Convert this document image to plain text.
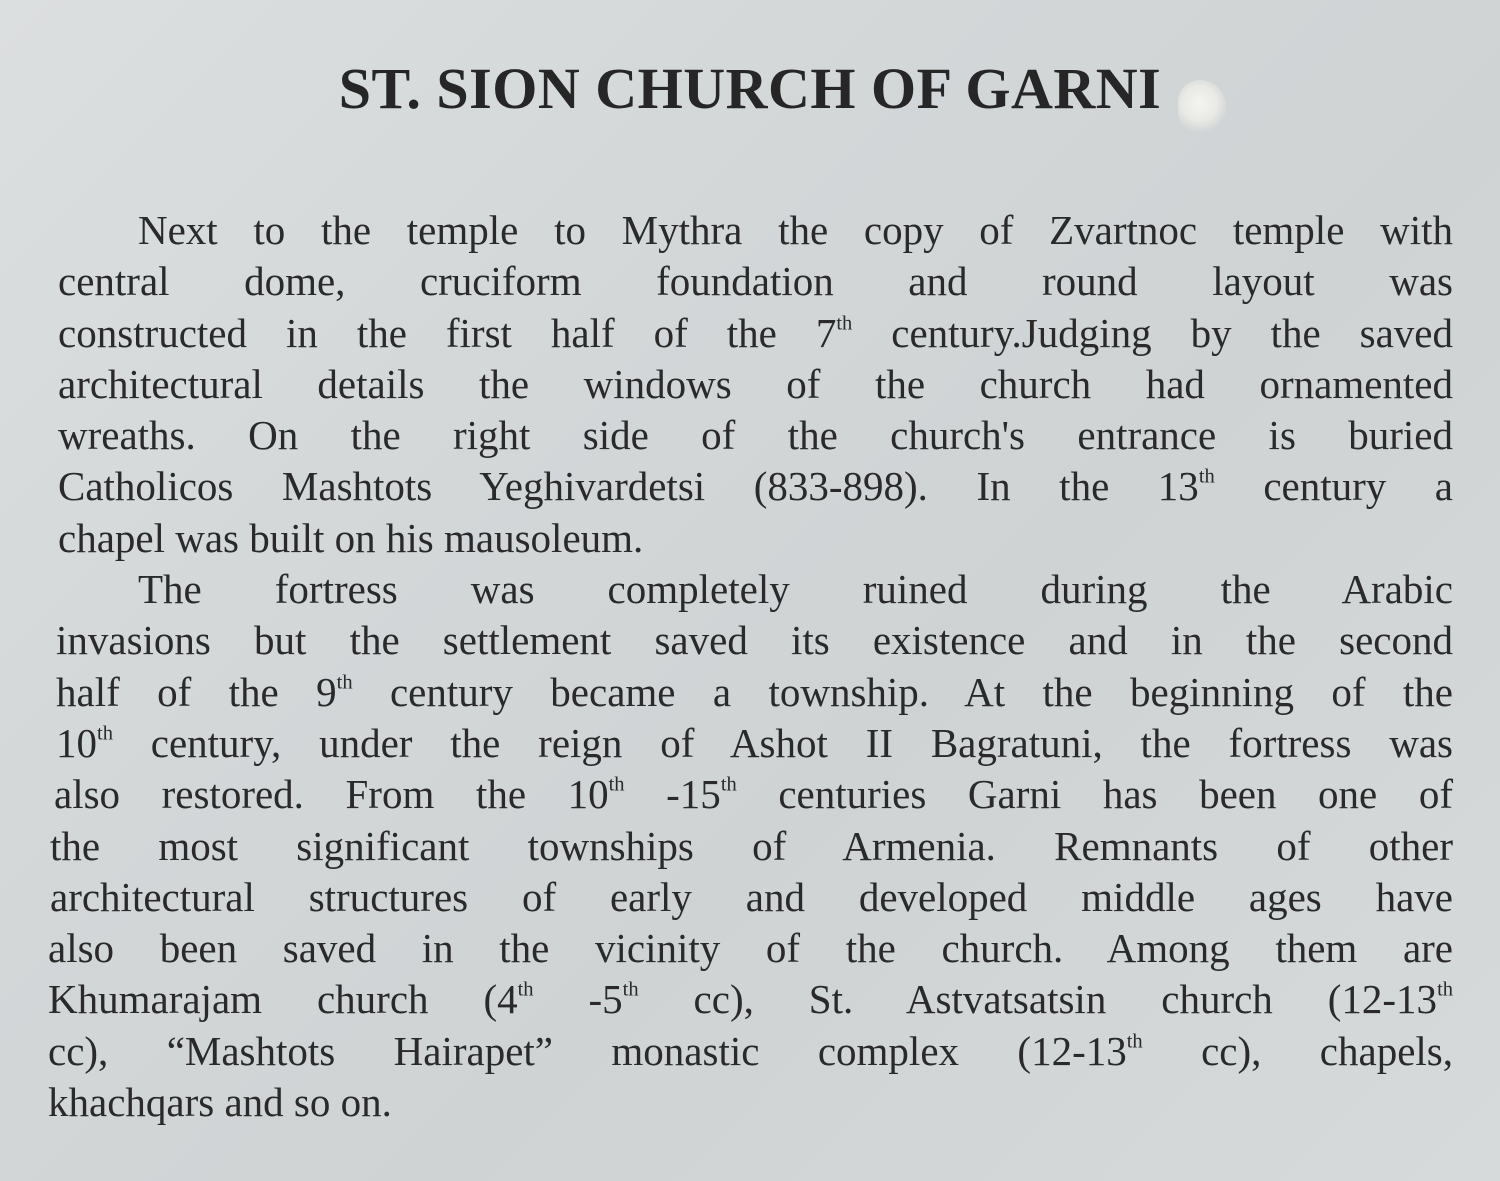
ST. SION CHURCH OF GARNI
Next to the temple to Mythra the copy of Zvartnoc temple with
central dome, cruciform foundation and round layout was
constructed in the first half of the 7th century.Judging by the saved
architectural details the windows of the church had ornamented
wreaths. On the right side of the church's entrance is buried
Catholicos Mashtots Yeghivardetsi (833-898). In the 13th century a
chapel was built on his mausoleum.
The fortress was completely ruined during the Arabic
invasions but the settlement saved its existence and in the second
half of the 9th century became a township. At the beginning of the
10th century, under the reign of Ashot II Bagratuni, the fortress was
also restored. From the 10th -15th centuries Garni has been one of
the most significant townships of Armenia. Remnants of other
architectural structures of early and developed middle ages have
also been saved in the vicinity of the church. Among them are
Khumarajam church (4th -5th cc), St. Astvatsatsin church (12-13th
cc), “Mashtots Hairapet” monastic complex (12-13th cc), chapels,
khachqars and so on.
